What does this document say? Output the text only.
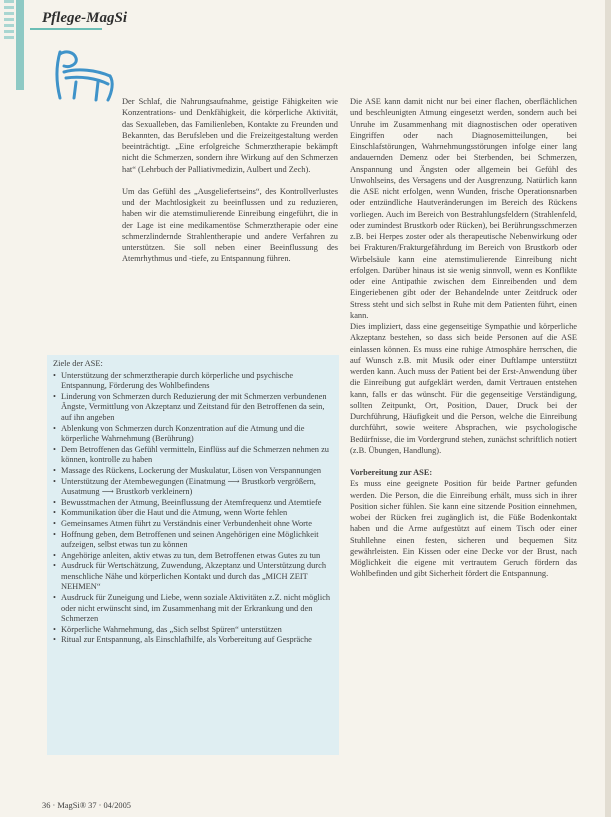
Pflege-MagSi

Der Schlaf, die Nahrungsaufnahme, geistige Fähigkeiten wie Konzentrations- und Denkfähigkeit, die körperliche Aktivität, das Sexualleben, das Familienleben, Kontakte zu Freunden und Bekannten, das Berufsleben und die Freizeitgestaltung werden beeinträchtigt. „Eine erfolgreiche Schmerztherapie bekämpft nicht die Schmerzen, sondern ihre Wirkung auf den Schmerzen hat“ (Lehrbuch der Palliativmedizin, Aulbert und Zech).

Um das Gefühl des „Ausgeliefertseins“, des Kontrollverlustes und der Machtlosigkeit zu beeinflussen und zu reduzieren, haben wir die atemstimulierende Einreibung eingeführt, die in der Lage ist eine medikamentöse Schmerztherapie oder eine schmerzlindernde Strahlentherapie und andere Verfahren zu unterstützen. Sie soll neben einer Beeinflussung des Atemrhythmus und -tiefe, zu Entspannung führen.

Ziele der ASE:

• Unterstützung der schmerztherapie durch körperliche und psychische Entspannung, Förderung des Wohlbefindens
• Linderung von Schmerzen durch Reduzierung der mit Schmerzen verbundenen Ängste, Vermittlung von Akzeptanz und Zeitstand für den Betroffenen da sein, auf ihn angeben
• Ablenkung von Schmerzen durch Konzentration auf die Atmung und die körperliche Wahrnehmung (Berührung)
• Dem Betroffenen das Gefühl vermitteln, Einflüss auf die Schmerzen nehmen zu können, kontrolle zu haben
• Massage des Rückens, Lockerung der Muskulatur, Lösen von Verspannungen
• Unterstützung der Atembewegungen (Einatmung ⟶ Brustkorb vergrößern, Ausatmung ⟶ Brustkorb verkleinern)
• Bewusstmachen der Atmung, Beeinflussung der Atemfrequenz und Atemtiefe
• Kommunikation über die Haut und die Atmung, wenn Worte fehlen
• Gemeinsames Atmen führt zu Verständnis einer Verbundenheit ohne Worte
• Hoffnung geben, dem Betroffenen und seinen Angehörigen eine Möglichkeit aufzeigen, selbst etwas tun zu können
• Angehörige anleiten, aktiv etwas zu tun, dem Betroffenen etwas Gutes zu tun
• Ausdruck für Wertschätzung, Zuwendung, Akzeptanz und Unterstützung durch menschliche Nähe und körperlichen Kontakt und durch das „MICH ZEIT NEHMEN“
• Ausdruck für Zuneigung und Liebe, wenn soziale Aktivitäten z.Z. nicht möglich oder nicht erwünscht sind, im Zusammenhang mit der Erkrankung und den Schmerzen
• Körperliche Wahrnehmung, das „Sich selbst Spüren“ unterstützen
• Ritual zur Entspannung, als Einschlafhilfe, als Vorbereitung auf Gespräche

Die ASE kann damit nicht nur bei einer flachen, oberflächlichen und beschleunigten Atmung eingesetzt werden, sondern auch bei Unruhe im Zusammenhang mit diagnostischen oder operativen Eingriffen oder nach Diagnosemitteilungen, bei Einschlafstörungen, Wahrnehmungsstörungen infolge einer lang andauernden Demenz oder bei Sterbenden, bei Schmerzen, Anspannung und Ängsten oder allgemein bei Gefühl des Unwohlseins, des Versagens und der Ausgrenzung. Natürlich kann die ASE nicht erfolgen, wenn Wunden, frische Operationsnarben oder entzündliche Hautveränderungen im Bereich des Rückens vorliegen. Auch im Bereich von Bestrahlungsfeldern (Strahlenfeld, oder zumindest Brustkorb oder Rücken), bei Berührungsschmerzen z.B. bei Herpes zoster oder als therapeutische Nebenwirkung oder bei Frakturen/Frakturgefährdung im Bereich von Brustkorb oder Wirbelsäule kann eine atemstimulierende Einreibung nicht erfolgen. Darüber hinaus ist sie wenig sinnvoll, wenn es Konflikte oder eine Antipathie zwischen dem Einreibenden und dem Eingeriebenen gibt oder der Behandelnde unter Zeitdruck oder Stress steht und sich selbst in Ruhe mit dem Patienten führt, einen kann.

Dies impliziert, dass eine gegenseitige Sympathie und körperliche Akzeptanz bestehen, so dass sich beide Personen auf die ASE einlassen können. Es muss eine ruhige Atmosphäre herrschen, die auf Wunsch z.B. mit Musik oder einer Duftlampe unterstützt werden kann. Auch muss der Patient bei der Erst-Anwendung über die Einreibung gut aufgeklärt werden, damit Vertrauen entstehen kann, falls er das wünscht. Für die gegenseitige Verständigung, sollten Zeitpunkt, Ort, Position, Dauer, Druck bei der Durchführung, Häufigkeit und die Person, welche die Einreibung durchführt, sowie weitere Absprachen, wie psychologische Bedürfnisse, die im Vordergrund stehen, zunächst schriftlich notiert (z.B. Übungen, Handlung).

Vorbereitung zur ASE:

Es muss eine geeignete Position für beide Partner gefunden werden. Die Person, die die Einreibung erhält, muss sich in ihrer Position sicher fühlen. Sie kann eine sitzende Position einnehmen, wobei der Rücken frei zugänglich ist, die Füße Bodenkontakt haben und die Arme aufgestützt auf einem Tisch oder einer Stuhllehne einen festen, sicheren und bequemen Sitz gewährleisten. Ein Kissen oder eine Decke vor der Brust, nach Möglichkeit die eigene mit vertrautem Geruch fördern das Wohlbefinden und gibt Sicherheit fördert die Entspannung.

36 · MagSi® 37 · 04/2005
